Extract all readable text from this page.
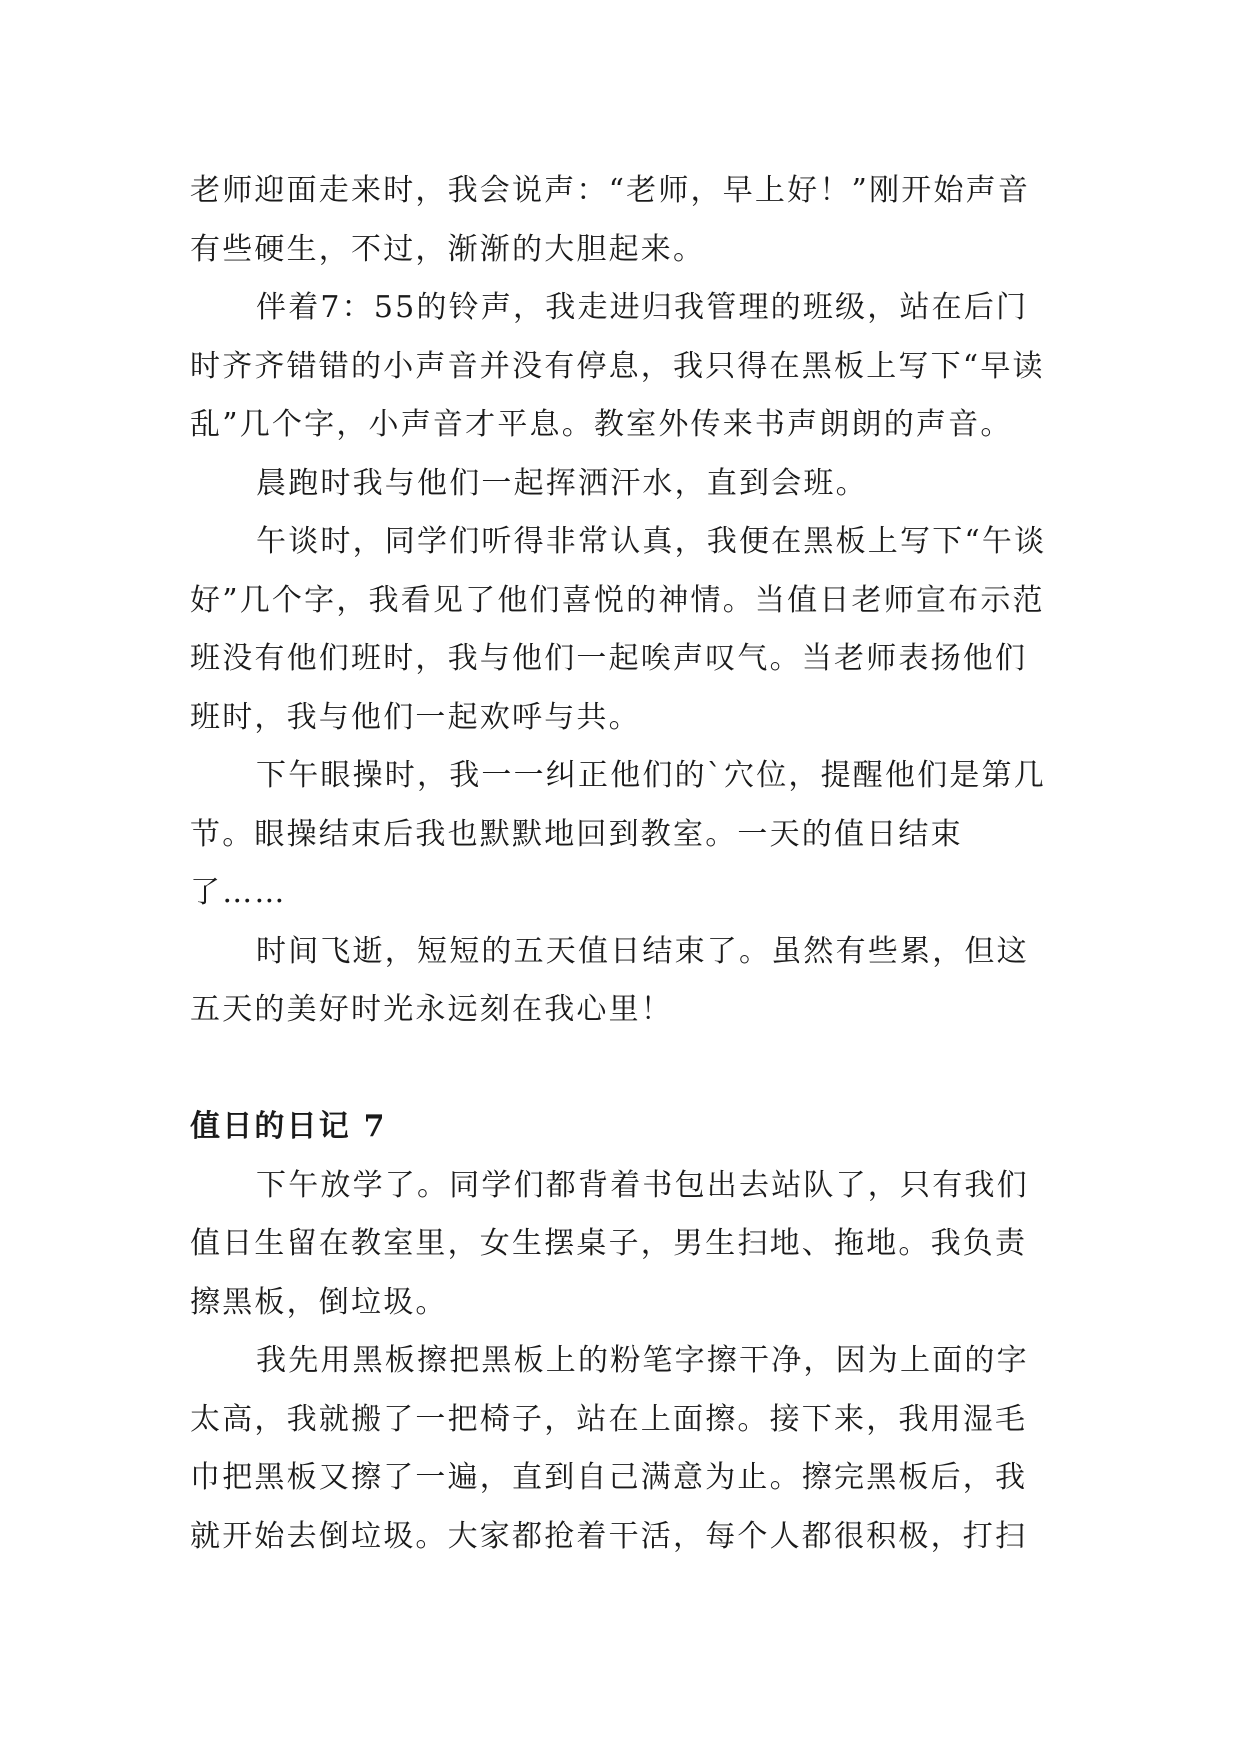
老师迎面走来时，我会说声：“老师，早上好！”刚开始声音有些硬生，不过，渐渐的大胆起来。

伴着7：55的铃声，我走进归我管理的班级，站在后门时齐齐错错的小声音并没有停息，我只得在黑板上写下“早读乱”几个字，小声音才平息。教室外传来书声朗朗的声音。

晨跑时我与他们一起挥洒汗水，直到会班。

午谈时，同学们听得非常认真，我便在黑板上写下“午谈好”几个字，我看见了他们喜悦的神情。当值日老师宣布示范班没有他们班时，我与他们一起唉声叹气。当老师表扬他们班时，我与他们一起欢呼与共。

下午眼操时，我一一纠正他们的`穴位，提醒他们是第几节。眼操结束后我也默默地回到教室。一天的值日结束了……

时间飞逝，短短的五天值日结束了。虽然有些累，但这五天的美好时光永远刻在我心里！

值日的日记 7

下午放学了。同学们都背着书包出去站队了，只有我们值日生留在教室里，女生摆桌子，男生扫地、拖地。我负责擦黑板，倒垃圾。

我先用黑板擦把黑板上的粉笔字擦干净，因为上面的字太高，我就搬了一把椅子，站在上面擦。接下来，我用湿毛巾把黑板又擦了一遍，直到自己满意为止。擦完黑板后，我就开始去倒垃圾。大家都抢着干活，每个人都很积极，打扫
